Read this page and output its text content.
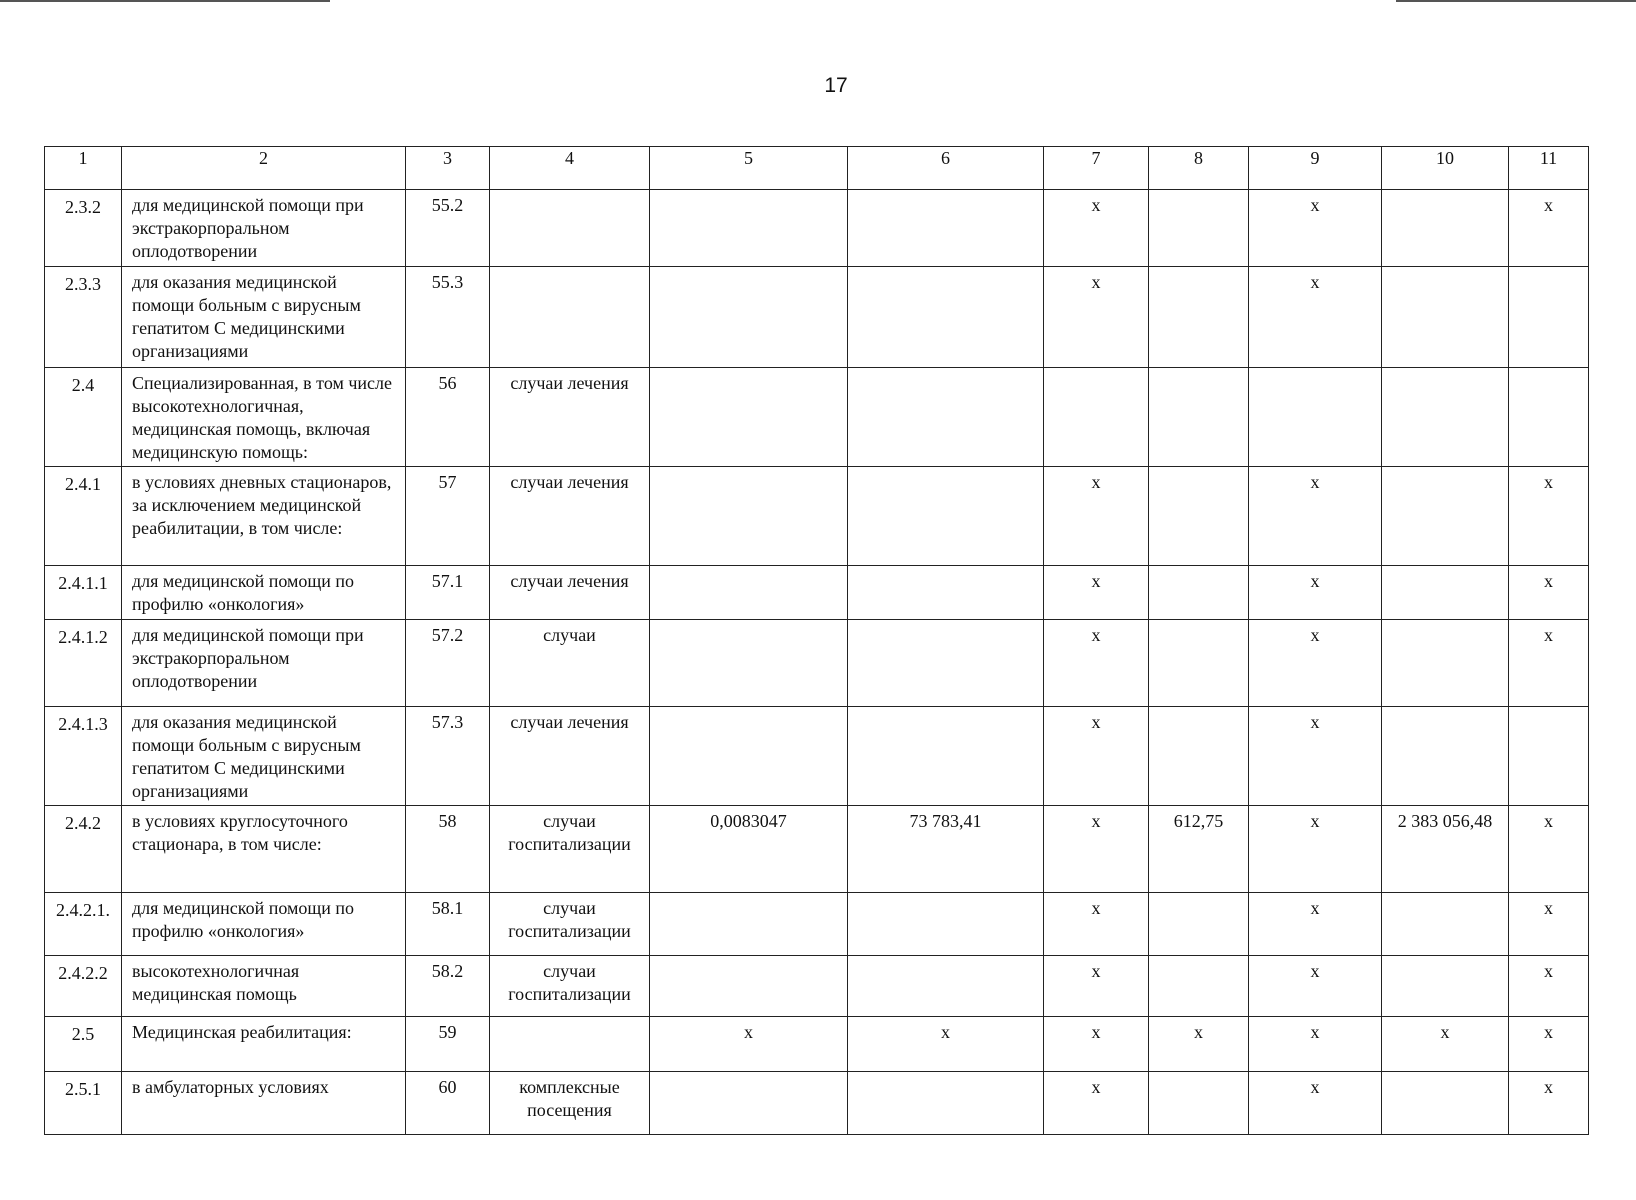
17
1	2	3	4	5	6	7	8	9	10	11
2.3.2	для медицинской помощи при экстракорпоральном оплодотворении	55.2				x		x		x
2.3.3	для оказания медицинской помощи больным с вирусным гепатитом С медицинскими организациями	55.3				x		x		
2.4	Специализированная, в том числе высокотехнологичная, медицинская помощь, включая медицинскую помощь:	56	случаи лечения							
2.4.1	в условиях дневных стационаров, за исключением медицинской реабилитации, в том числе:	57	случаи лечения			x		x		x
2.4.1.1	для медицинской помощи по профилю «онкология»	57.1	случаи лечения			x		x		x
2.4.1.2	для медицинской помощи при экстракорпоральном оплодотворении	57.2	случаи			x		x		x
2.4.1.3	для оказания медицинской помощи больным с вирусным гепатитом С медицинскими организациями	57.3	случаи лечения			x		x		
2.4.2	в условиях круглосуточного стационара, в том числе:	58	случаи госпитализации	0,0083047	73 783,41	x	612,75	x	2 383 056,48	x
2.4.2.1.	для медицинской помощи по профилю «онкология»	58.1	случаи госпитализации			x		x		x
2.4.2.2	высокотехнологичная медицинская помощь	58.2	случаи госпитализации			x		x		x
2.5	Медицинская реабилитация:	59		x	x	x	x	x	x	x
2.5.1	в амбулаторных условиях	60	комплексные посещения			x		x		x
